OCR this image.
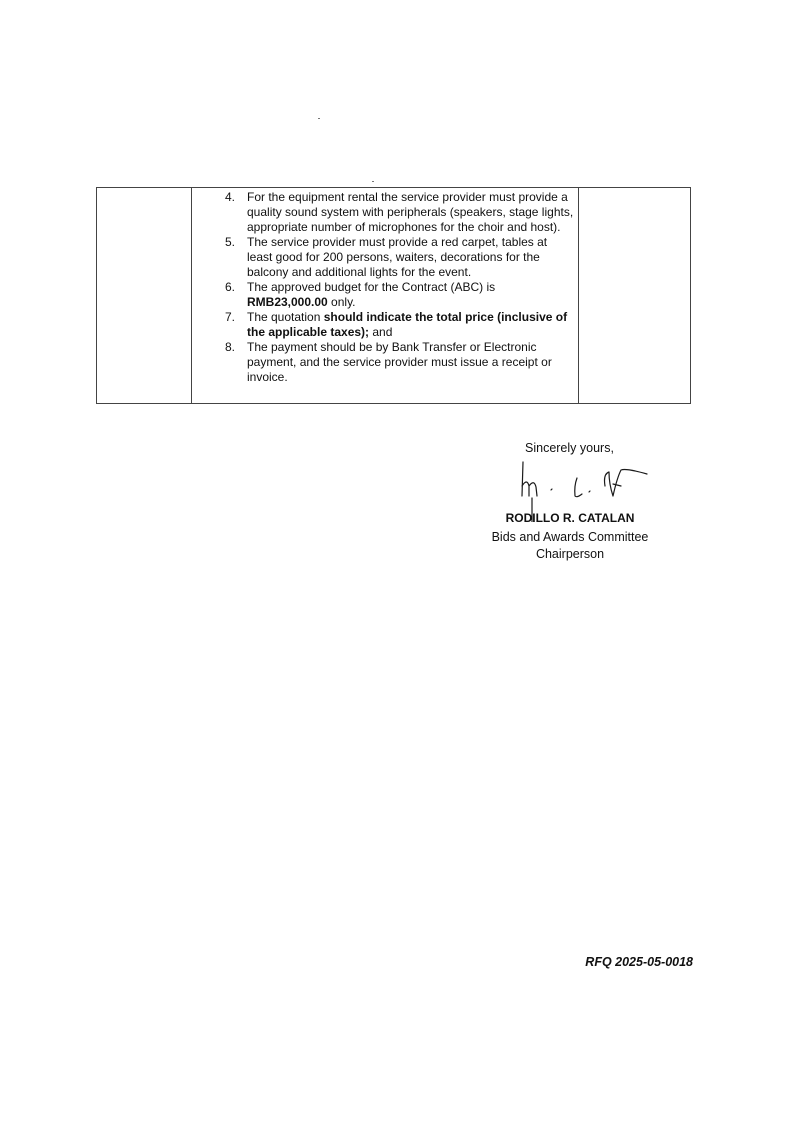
4. For the equipment rental the service provider must provide a quality sound system with peripherals (speakers, stage lights, appropriate number of microphones for the choir and host).
5. The service provider must provide a red carpet, tables at least good for 200 persons, waiters, decorations for the balcony and additional lights for the event.
6. The approved budget for the Contract (ABC) is RMB23,000.00 only.
7. The quotation should indicate the total price (inclusive of the applicable taxes); and
8. The payment should be by Bank Transfer or Electronic payment, and the service provider must issue a receipt or invoice.
Sincerely yours,
RODILLO R. CATALAN
Bids and Awards Committee
Chairperson
RFQ 2025-05-0018
